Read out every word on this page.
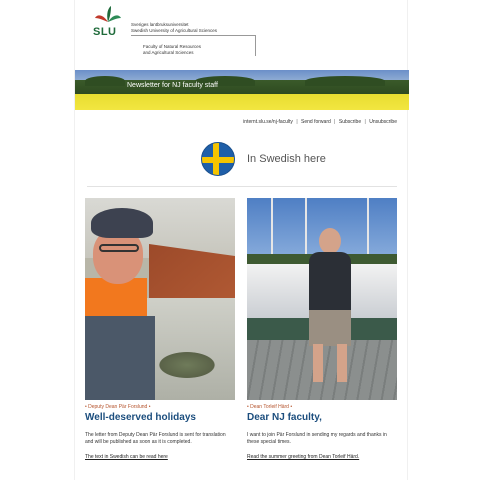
SLU
Sveriges lantbruksuniversitet
Swedish University of Agricultural Sciences
Faculty of Natural Resources
and Agricultural Sciences
Newsletter for NJ faculty staff
internt.slu.se/nj-faculty | Send forward | Subscribe | Unsubscribe
In Swedish here
• Deputy Dean Pär Forslund •
Well-deserved holidays
The letter from Deputy Dean Pär Forslund is sent for translation and will be published as soon as it is completed.
The text in Swedish can be read here
• Dean Torleif Härd •
Dear NJ faculty,
I want to join Pär Forslund in sending my regards and thanks in these special times.
Read the summer greeting from Dean Torleif Härd.
